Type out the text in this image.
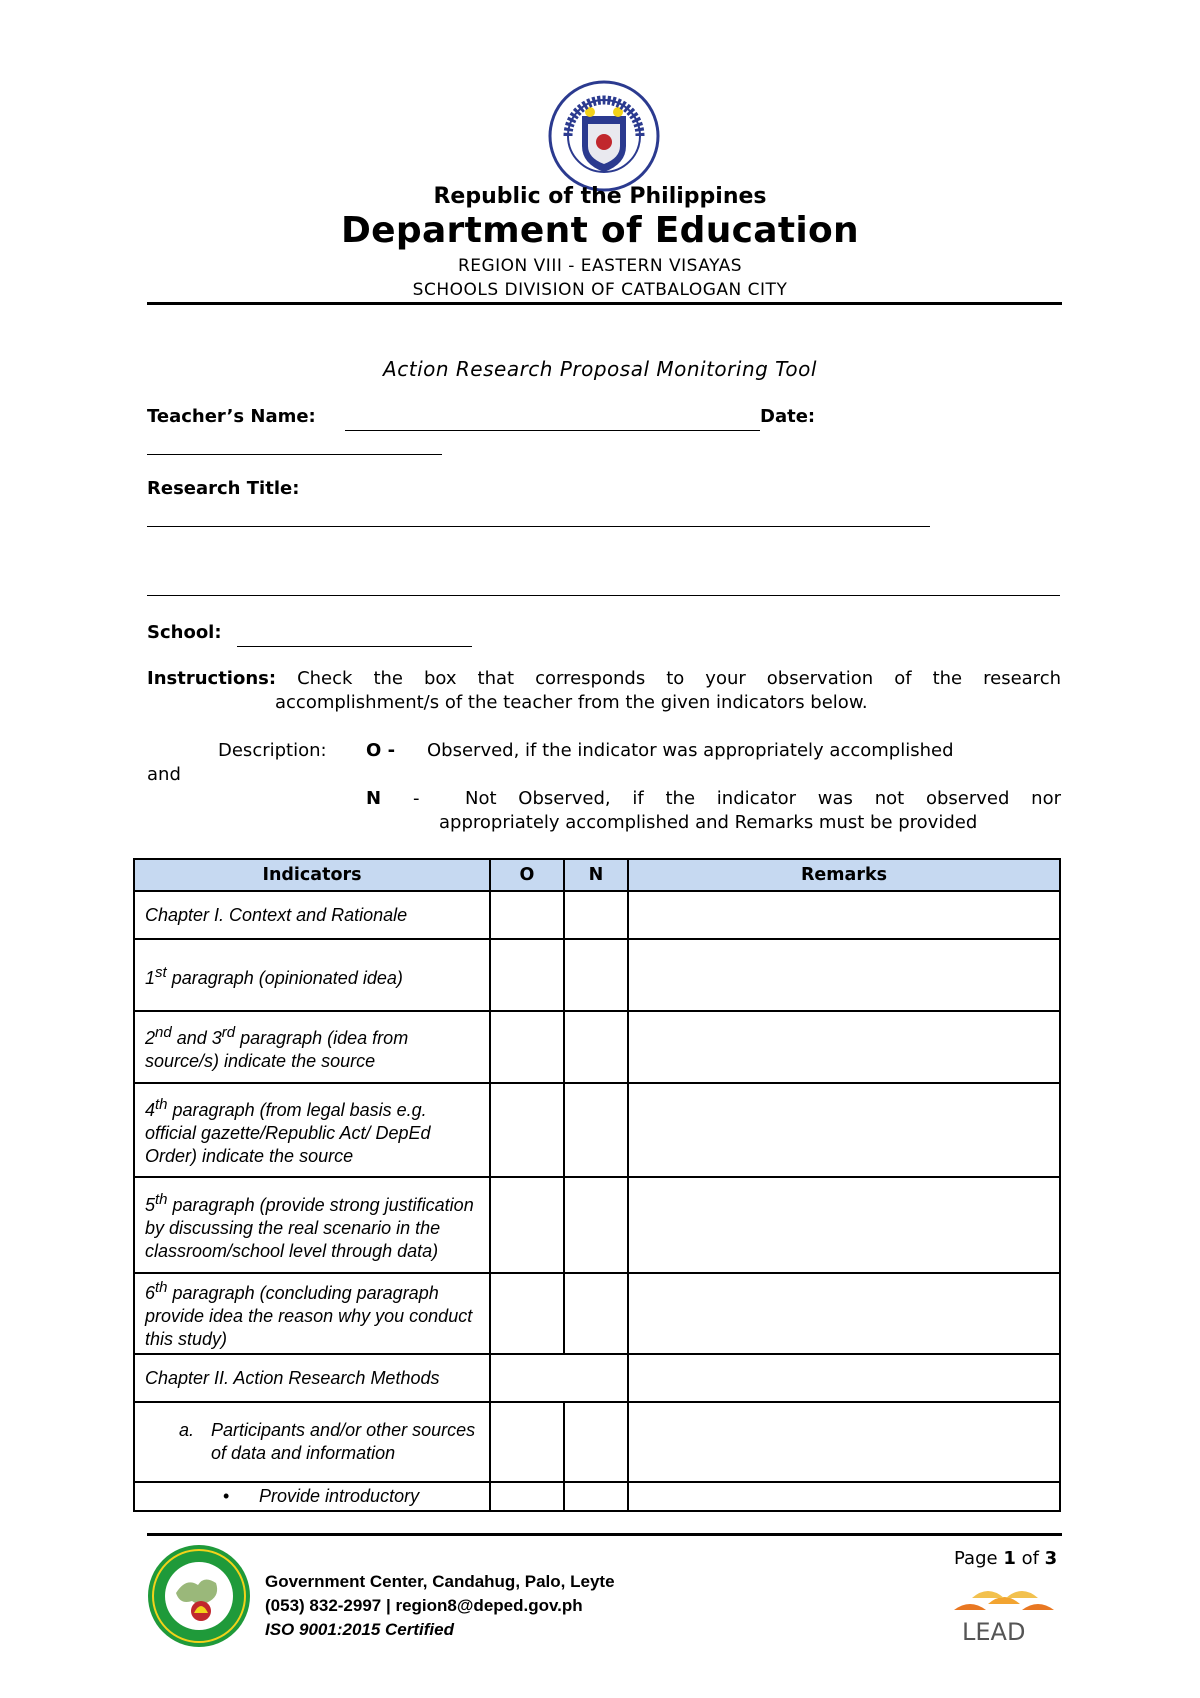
Republic of the Philippines
Department of Education
REGION VIII - EASTERN VISAYAS
SCHOOLS DIVISION OF CATBALOGAN CITY
Action Research Proposal Monitoring Tool
Teacher’s Name:	Date:
Research Title:
School:
Instructions: Check the box that corresponds to your observation of the research
accomplishment/s of the teacher from the given indicators below.
Description: O - Observed, if the indicator was appropriately accomplished
and
N -	Not Observed, if the indicator was not observed nor
appropriately accomplished and Remarks must be provided
Indicators	O	N	Remarks
Chapter I. Context and Rationale			
1st paragraph (opinionated idea)			
2nd and 3rd paragraph (idea from source/s) indicate the source			
4th paragraph (from legal basis e.g. official gazette/Republic Act/ DepEd Order) indicate the source			
5th paragraph (provide strong justification by discussing the real scenario in the classroom/school level through data)			
6th paragraph (concluding paragraph provide idea the reason why you conduct this study)			
Chapter II. Action Research Methods			
a. Participants and/or other sources of data and information			
• Provide introductory			
Government Center, Candahug, Palo, Leyte
(053) 832-2997 | region8@deped.gov.ph
ISO 9001:2015 Certified
Page 1 of 3
LEAD
